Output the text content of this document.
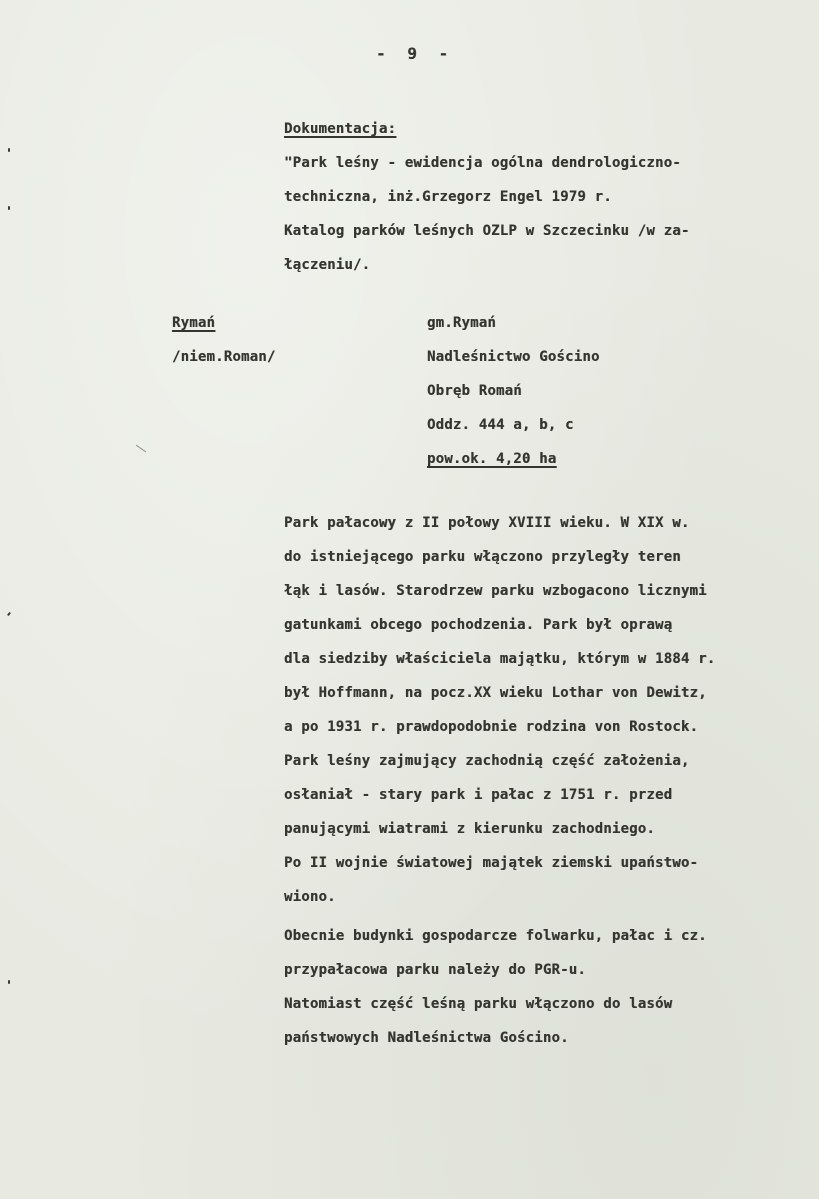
- 9 -
Dokumentacja:
"Park leśny - ewidencja ogólna dendrologiczno-
techniczna, inż.Grzegorz Engel 1979 r.
Katalog parków leśnych OZLP w Szczecinku /w za-
łączeniu/.
Rymań
/niem.Roman/
gm.Rymań
Nadleśnictwo Gościno
Obręb Romań
Oddz. 444 a, b, c
pow.ok. 4,20 ha
Park pałacowy z II połowy XVIII wieku. W XIX w.
do istniejącego parku włączono przyległy teren
łąk i lasów. Starodrzew parku wzbogacono licznymi
gatunkami obcego pochodzenia. Park był oprawą
dla siedziby właściciela majątku, którym w 1884 r.
był Hoffmann, na pocz.XX wieku Lothar von Dewitz,
a po 1931 r. prawdopodobnie rodzina von Rostock.
Park leśny zajmujący zachodnią część założenia,
osłaniał - stary park i pałac z 1751 r. przed
panującymi wiatrami z kierunku zachodniego.
Po II wojnie światowej majątek ziemski upaństwo-
wiono.
Obecnie budynki gospodarcze folwarku, pałac i cz.
przypałacowa parku należy do PGR-u.
Natomiast część leśną parku włączono do lasów
państwowych Nadleśnictwa Gościno.
